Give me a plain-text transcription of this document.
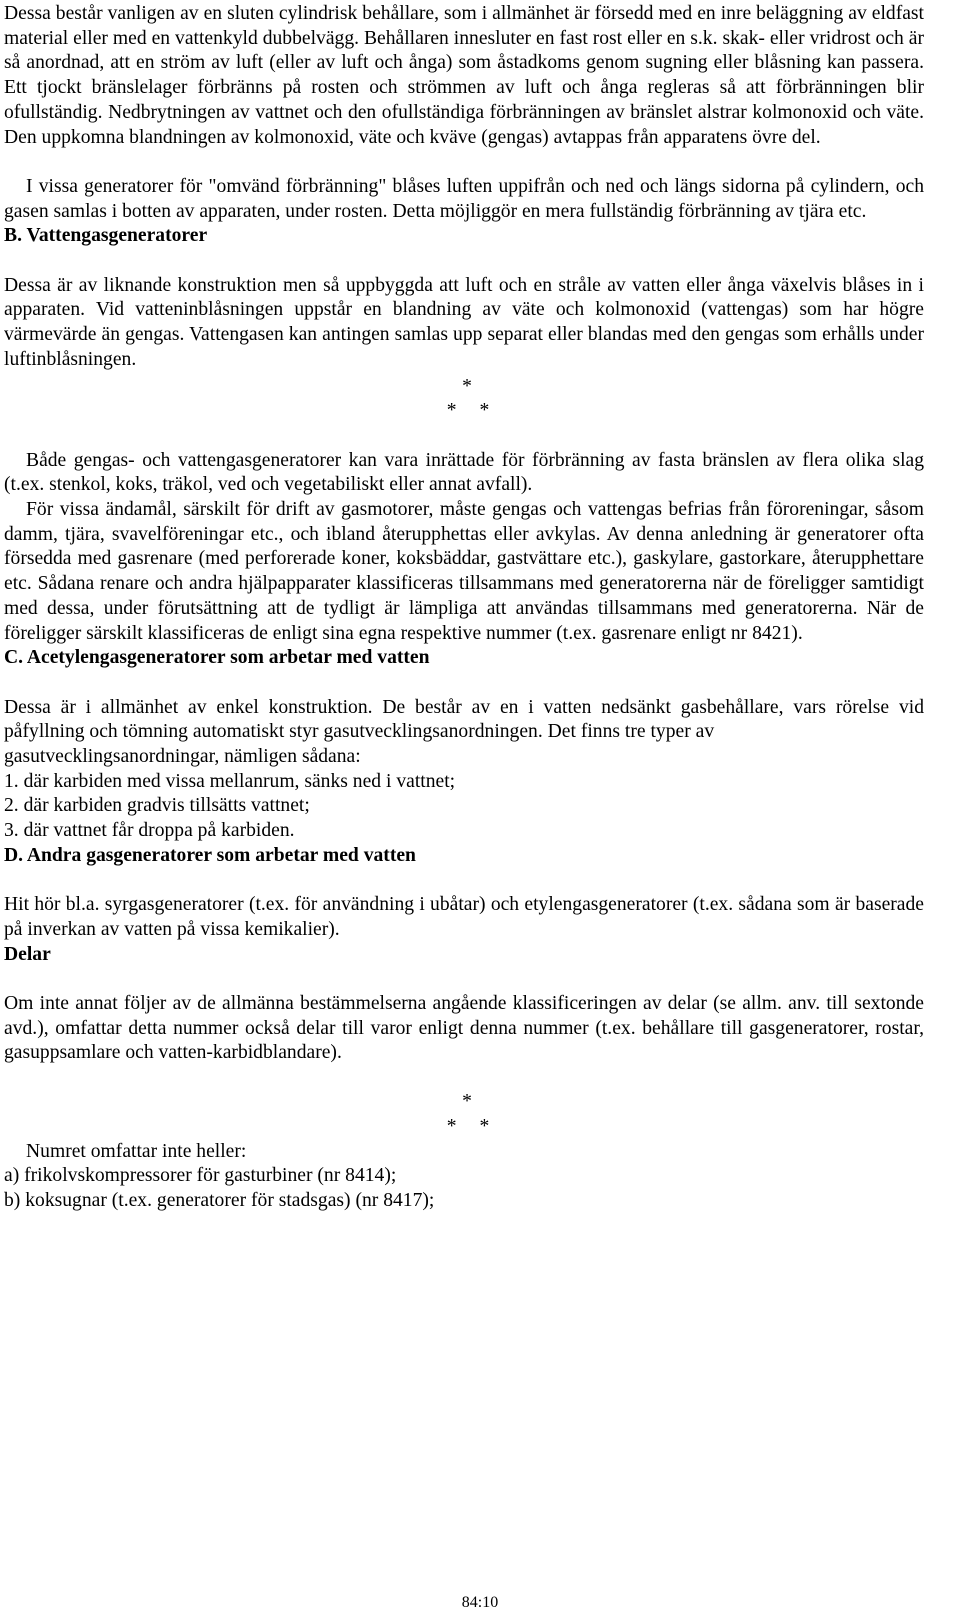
Dessa består vanligen av en sluten cylindrisk behållare, som i allmänhet är försedd med en inre beläggning av eldfast material eller med en vattenkyld dubbelvägg. Behållaren innesluter en fast rost eller en s.k. skak- eller vridrost och är så anordnad, att en ström av luft (eller av luft och ånga) som åstadkoms genom sugning eller blåsning kan passera. Ett tjockt bränslelager förbränns på rosten och strömmen av luft och ånga regleras så att förbränningen blir ofullständig. Nedbrytningen av vattnet och den ofullständiga förbränningen av bränslet alstrar kolmonoxid och väte. Den uppkomna blandningen av kolmonoxid, väte och kväve (gengas) avtappas från apparatens övre del.

I vissa generatorer för "omvänd förbränning" blåses luften uppifrån och ned och längs sidorna på cylindern, och gasen samlas i botten av apparaten, under rosten. Detta möjliggör en mera fullständig förbränning av tjära etc.

B. Vattengasgeneratorer

Dessa är av liknande konstruktion men så uppbyggda att luft och en stråle av vatten eller ånga växelvis blåses in i apparaten. Vid vatteninblåsningen uppstår en blandning av väte och kolmonoxid (vattengas) som har högre värmevärde än gengas. Vattengasen kan antingen samlas upp separat eller blandas med den gengas som erhålls under luftinblåsningen.

*

* *

Både gengas- och vattengasgeneratorer kan vara inrättade för förbränning av fasta bränslen av flera olika slag (t.ex. stenkol, koks, träkol, ved och vegetabiliskt eller annat avfall).

För vissa ändamål, särskilt för drift av gasmotorer, måste gengas och vattengas befrias från föroreningar, såsom damm, tjära, svavelföreningar etc., och ibland återupphettas eller avkylas. Av denna anledning är generatorer ofta försedda med gasrenare (med perforerade koner, koksbäddar, gastvättare etc.), gaskylare, gastorkare, återupphettare etc. Sådana renare och andra hjälpapparater klassificeras tillsammans med generatorerna när de föreligger samtidigt med dessa, under förutsättning att de tydligt är lämpliga att användas tillsammans med generatorerna. När de föreligger särskilt klassificeras de enligt sina egna respektive nummer (t.ex. gasrenare enligt nr 8421).

C. Acetylengasgeneratorer som arbetar med vatten

Dessa är i allmänhet av enkel konstruktion. De består av en i vatten nedsänkt gasbehållare, vars rörelse vid påfyllning och tömning automatiskt styr gasutvecklingsanordningen. Det finns tre typer av

gasutvecklingsanordningar, nämligen sådana:

1. där karbiden med vissa mellanrum, sänks ned i vattnet;

2. där karbiden gradvis tillsätts vattnet;

3. där vattnet får droppa på karbiden.

D. Andra gasgeneratorer som arbetar med vatten

Hit hör bl.a. syrgasgeneratorer (t.ex. för användning i ubåtar) och etylengasgeneratorer (t.ex. sådana som är baserade på inverkan av vatten på vissa kemikalier).

Delar

Om inte annat följer av de allmänna bestämmelserna angående klassificeringen av delar (se allm. anv. till sextonde avd.), omfattar detta nummer också delar till varor enligt denna nummer (t.ex. behållare till gasgeneratorer, rostar, gasuppsamlare och vatten-karbidblandare).

*

* *

Numret omfattar inte heller:

a) frikolvskompressorer för gasturbiner (nr 8414);

b) koksugnar (t.ex. generatorer för stadsgas) (nr 8417);

84:10
